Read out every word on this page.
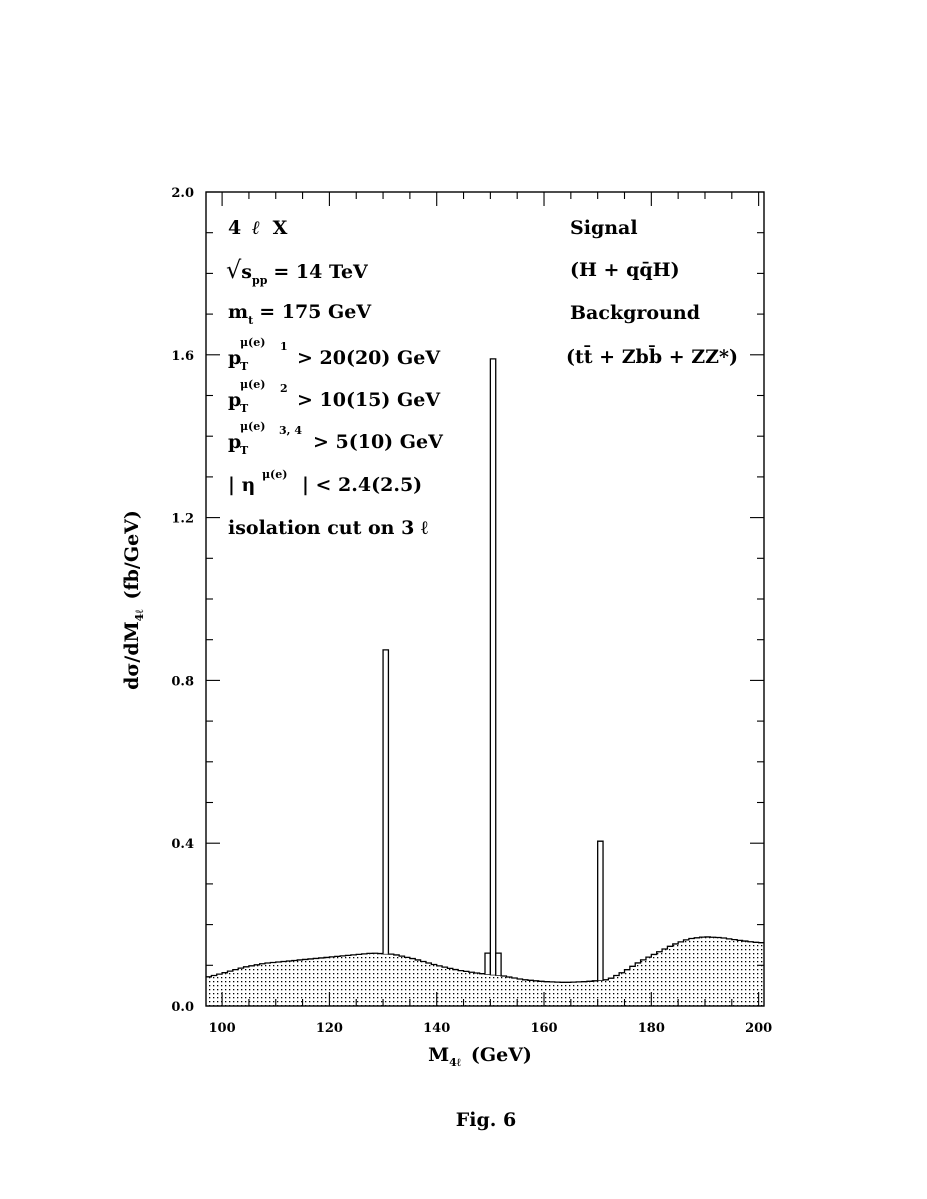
100	120	140	160	180	200
0.0
0.4
0.8
1.2
1.6
2.0
4 ℓ X
$√s_{pp} = 14$ TeV
$m_t = 175$ GeV
p
T
μ(e) 1
> 20(20) GeV
p
T
μ(e) 2
> 10(15) GeV
p
T
μ(e) 3, 4
> 5(10) GeV
| η μ(e) | < 2.4(2.5)
isolation cut on 3 ℓ
Signal
(H + qq̄H)
Background
(tt̄ + Zbb̄ + ZZ*)
$d\sigma/dM_{4\ell}(fb/GeV)$
$M_{4\ell}$ (GeV)
Fig. 6
